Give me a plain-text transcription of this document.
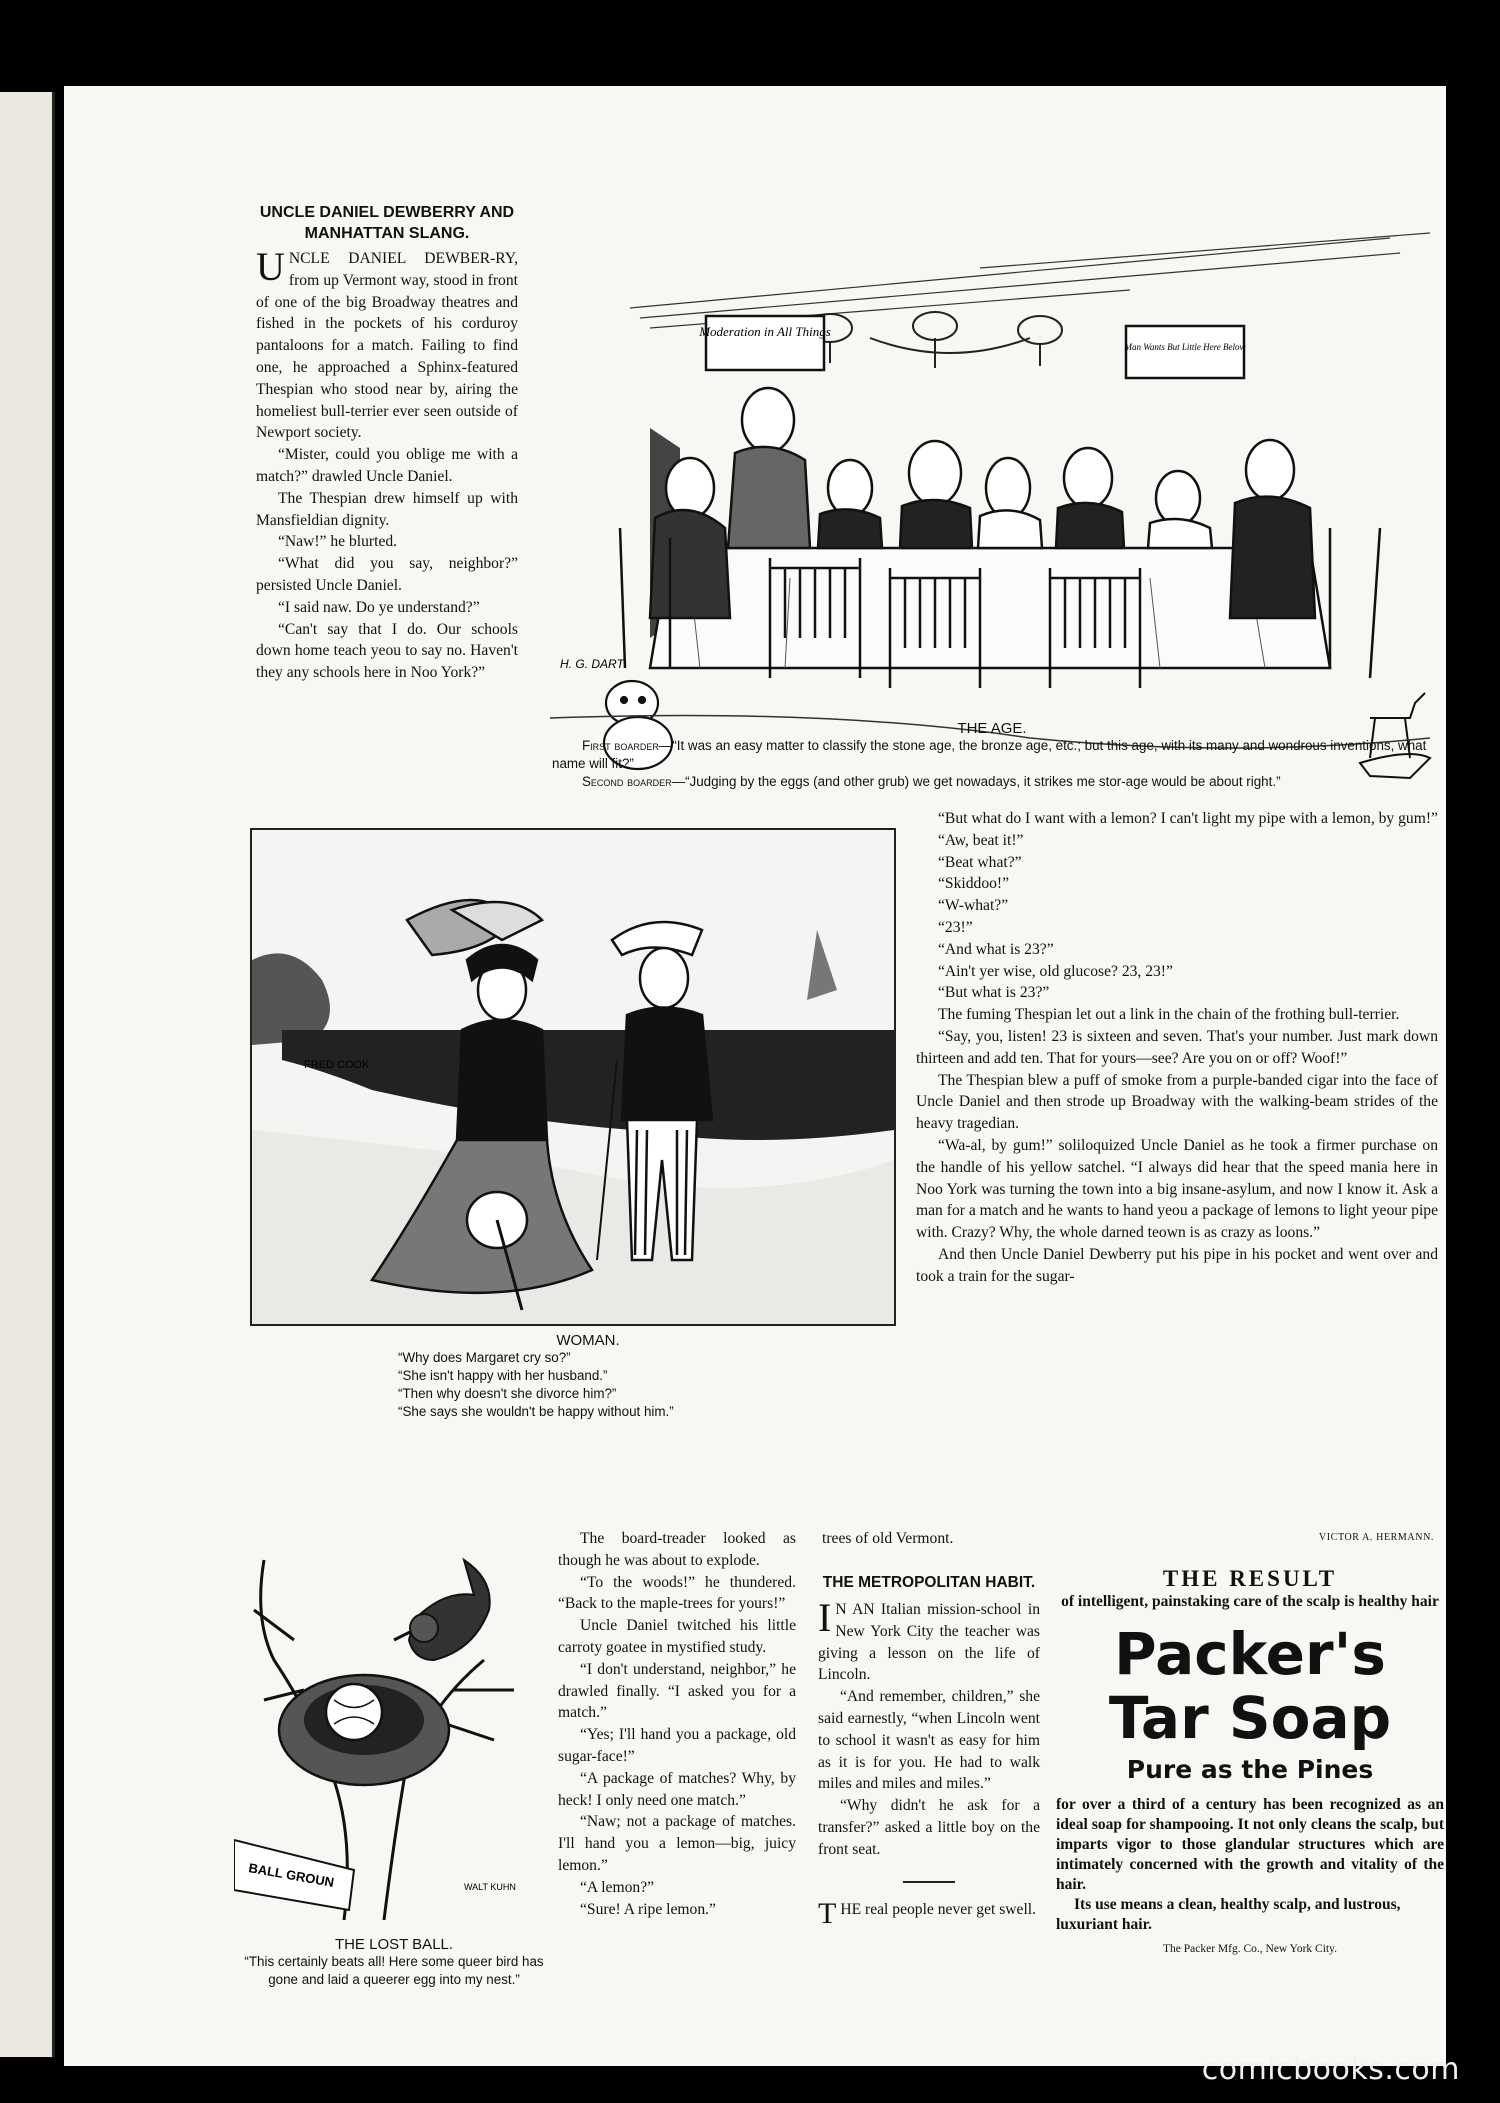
UNCLE DANIEL DEWBERRY AND MANHATTAN SLANG.

UNCLE DANIEL DEWBER-RY, from up Vermont way, stood in front of one of the big Broadway theatres and fished in the pockets of his corduroy pantaloons for a match. Failing to find one, he approached a Sphinx-featured Thespian who stood near by, airing the homeliest bull-terrier ever seen outside of Newport society.

“Mister, could you oblige me with a match?” drawled Uncle Daniel.

The Thespian drew himself up with Mansfieldian dignity.

“Naw!” he blurted.

“What did you say, neighbor?” persisted Uncle Daniel.

“I said naw. Do ye understand?”

“Can't say that I do. Our schools down home teach yeou to say no. Haven't they any schools here in Noo York?”

Moderation in All Things
Man Wants But Little Here Below
H. G. DART
THE AGE.
First boarder—“It was an easy matter to classify the stone age, the bronze age, etc.; but this age, with its many and wondrous inventions, what name will fit?”
Second boarder—“Judging by the eggs (and other grub) we get nowadays, it strikes me stor-age would be about right.”
FRED COOK
WOMAN.
“Why does Margaret cry so?”
“She isn't happy with her husband.”
“Then why doesn't she divorce him?”
“She says she wouldn't be happy without him.”

“But what do I want with a lemon? I can't light my pipe with a lemon, by gum!”

“Aw, beat it!”

“Beat what?”

“Skiddoo!”

“W-what?”

“23!”

“And what is 23?”

“Ain't yer wise, old glucose? 23, 23!”

“But what is 23?”

The fuming Thespian let out a link in the chain of the frothing bull-terrier.

“Say, you, listen! 23 is sixteen and seven. That's your number. Just mark down thirteen and add ten. That for yours—see? Are you on or off? Woof!”

The Thespian blew a puff of smoke from a purple-banded cigar into the face of Uncle Daniel and then strode up Broadway with the walking-beam strides of the heavy tragedian.

“Wa-al, by gum!” soliloquized Uncle Daniel as he took a firmer purchase on the handle of his yellow satchel. “I always did hear that the speed mania here in Noo York was turning the town into a big insane-asylum, and now I know it. Ask a man for a match and he wants to hand yeou a package of lemons to light yeour pipe with. Crazy? Why, the whole darned teown is as crazy as loons.”

And then Uncle Daniel Dewberry put his pipe in his pocket and went over and took a train for the sugar-

trees of old Vermont.	VICTOR A. HERMANN.
BALL GROUN	WALT KUHN
THE LOST BALL.
“This certainly beats all! Here some queer bird has gone and laid a queerer egg into my nest.”

The board-treader looked as though he was about to explode.

“To the woods!” he thundered. “Back to the maple-trees for yours!”

Uncle Daniel twitched his little carroty goatee in mystified study.

“I don't understand, neighbor,” he drawled finally. “I asked you for a match.”

“Yes; I'll hand you a package, old sugar-face!”

“A package of matches? Why, by heck! I only need one match.”

“Naw; not a package of matches. I'll hand you a lemon—big, juicy lemon.”

“A lemon?”

“Sure! A ripe lemon.”

THE METROPOLITAN HABIT.

I N AN Italian mission-school in New York City the teacher was giving a lesson on the life of Lincoln.

“And remember, children,” she said earnestly, “when Lincoln went to school it wasn't as easy for him as it is for you. He had to walk miles and miles and miles.”

“Why didn't he ask for a transfer?” asked a little boy on the front seat.

THE real people never get swell.

THE RESULT
of intelligent, painstaking care of the scalp is healthy hair
Packer's
Tar Soap
Pure as the Pines
for over a third of a century has been recognized as an ideal soap for shampooing. It not only cleans the scalp, but imparts vigor to those glandular structures which are intimately concerned with the growth and vitality of the hair.
Its use means a clean, healthy scalp, and lustrous, luxuriant hair.
The Packer Mfg. Co., New York City.
comicbooks.com
